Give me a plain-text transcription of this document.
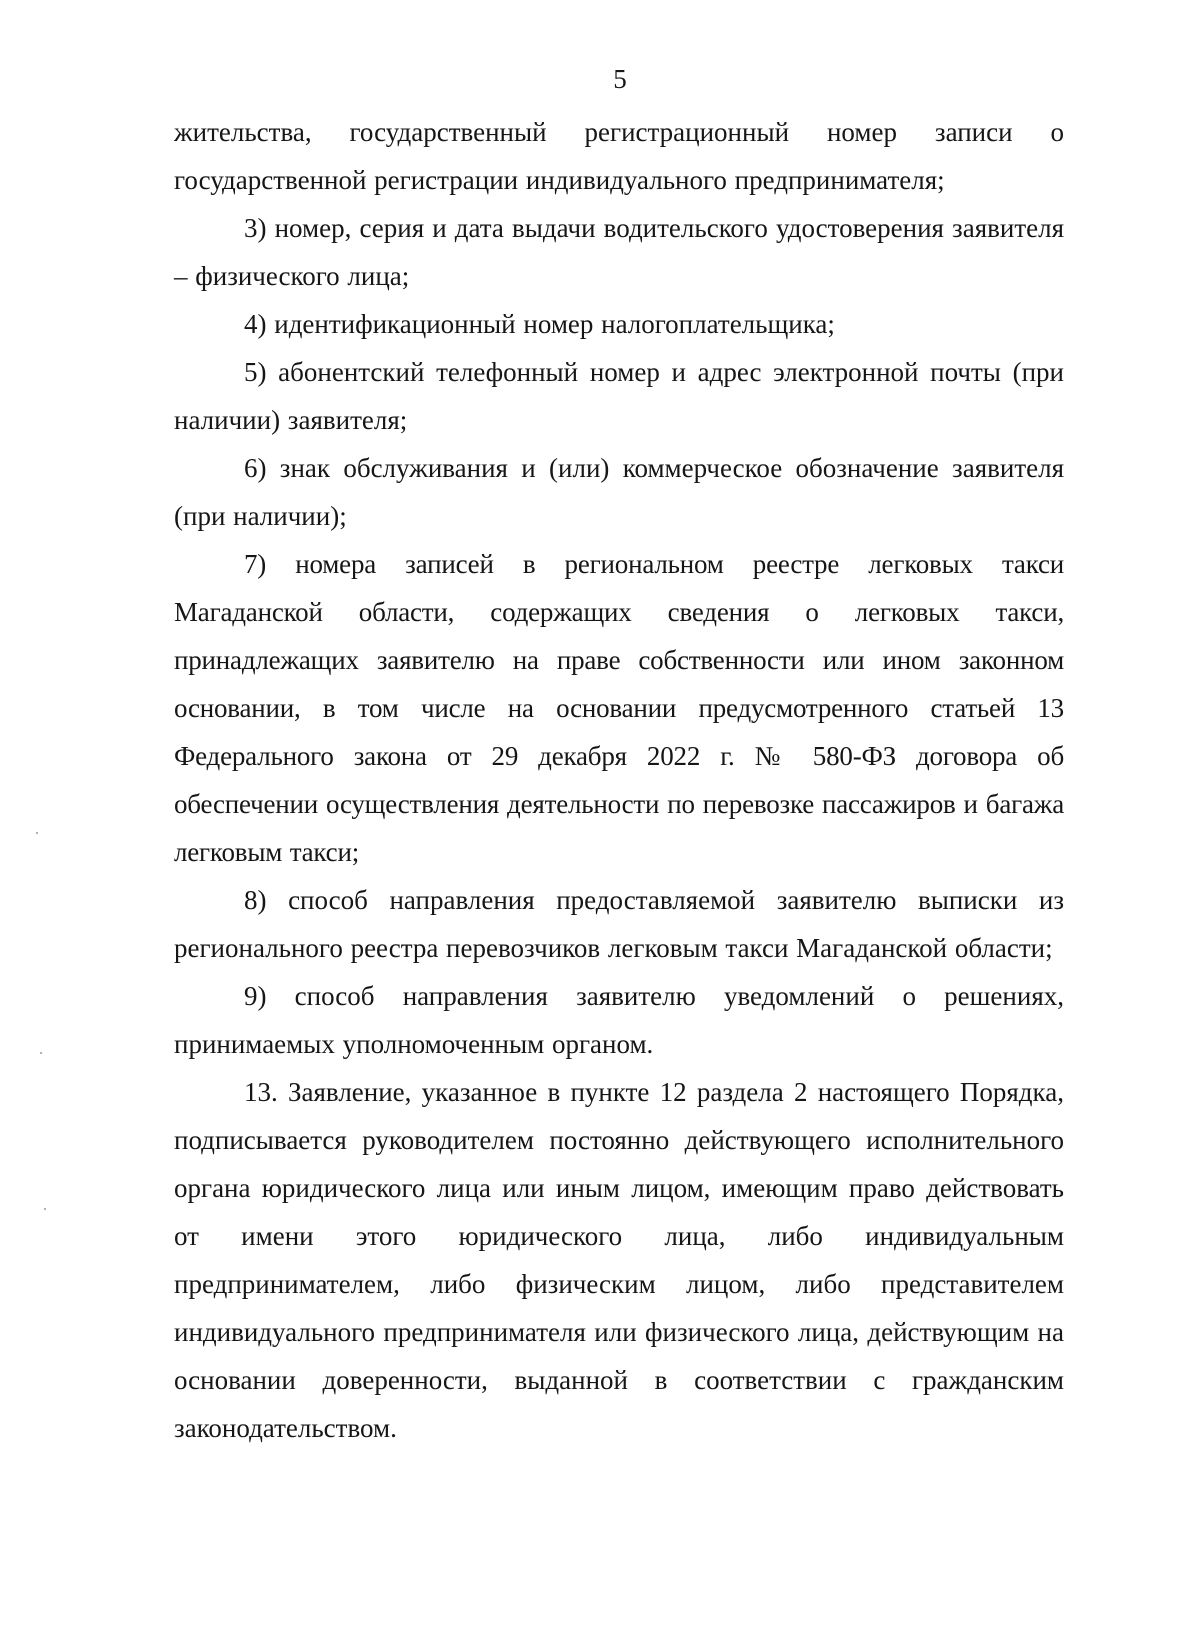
5

жительства, государственный регистрационный номер записи о государственной регистрации индивидуального предпринимателя;

3) номер, серия и дата выдачи водительского удостоверения заявителя – физического лица;

4) идентификационный номер налогоплательщика;

5) абонентский телефонный номер и адрес электронной почты (при наличии) заявителя;

6) знак обслуживания и (или) коммерческое обозначение заявителя (при наличии);

7) номера записей в региональном реестре легковых такси Магаданской области, содержащих сведения о легковых такси, принадлежащих заявителю на праве собственности или ином законном основании, в том числе на основании предусмотренного статьей 13 Федерального закона от 29 декабря 2022 г. № 580-ФЗ договора об обеспечении осуществления деятельности по перевозке пассажиров и багажа легковым такси;

8) способ направления предоставляемой заявителю выписки из регионального реестра перевозчиков легковым такси Магаданской области;

9) способ направления заявителю уведомлений о решениях, принимаемых уполномоченным органом.

13. Заявление, указанное в пункте 12 раздела 2 настоящего Порядка, подписывается руководителем постоянно действующего исполнительного органа юридического лица или иным лицом, имеющим право действовать от имени этого юридического лица, либо индивидуальным предпринимателем, либо физическим лицом, либо представителем индивидуального предпринимателя или физического лица, действующим на основании доверенности, выданной в соответствии с гражданским законодательством.
